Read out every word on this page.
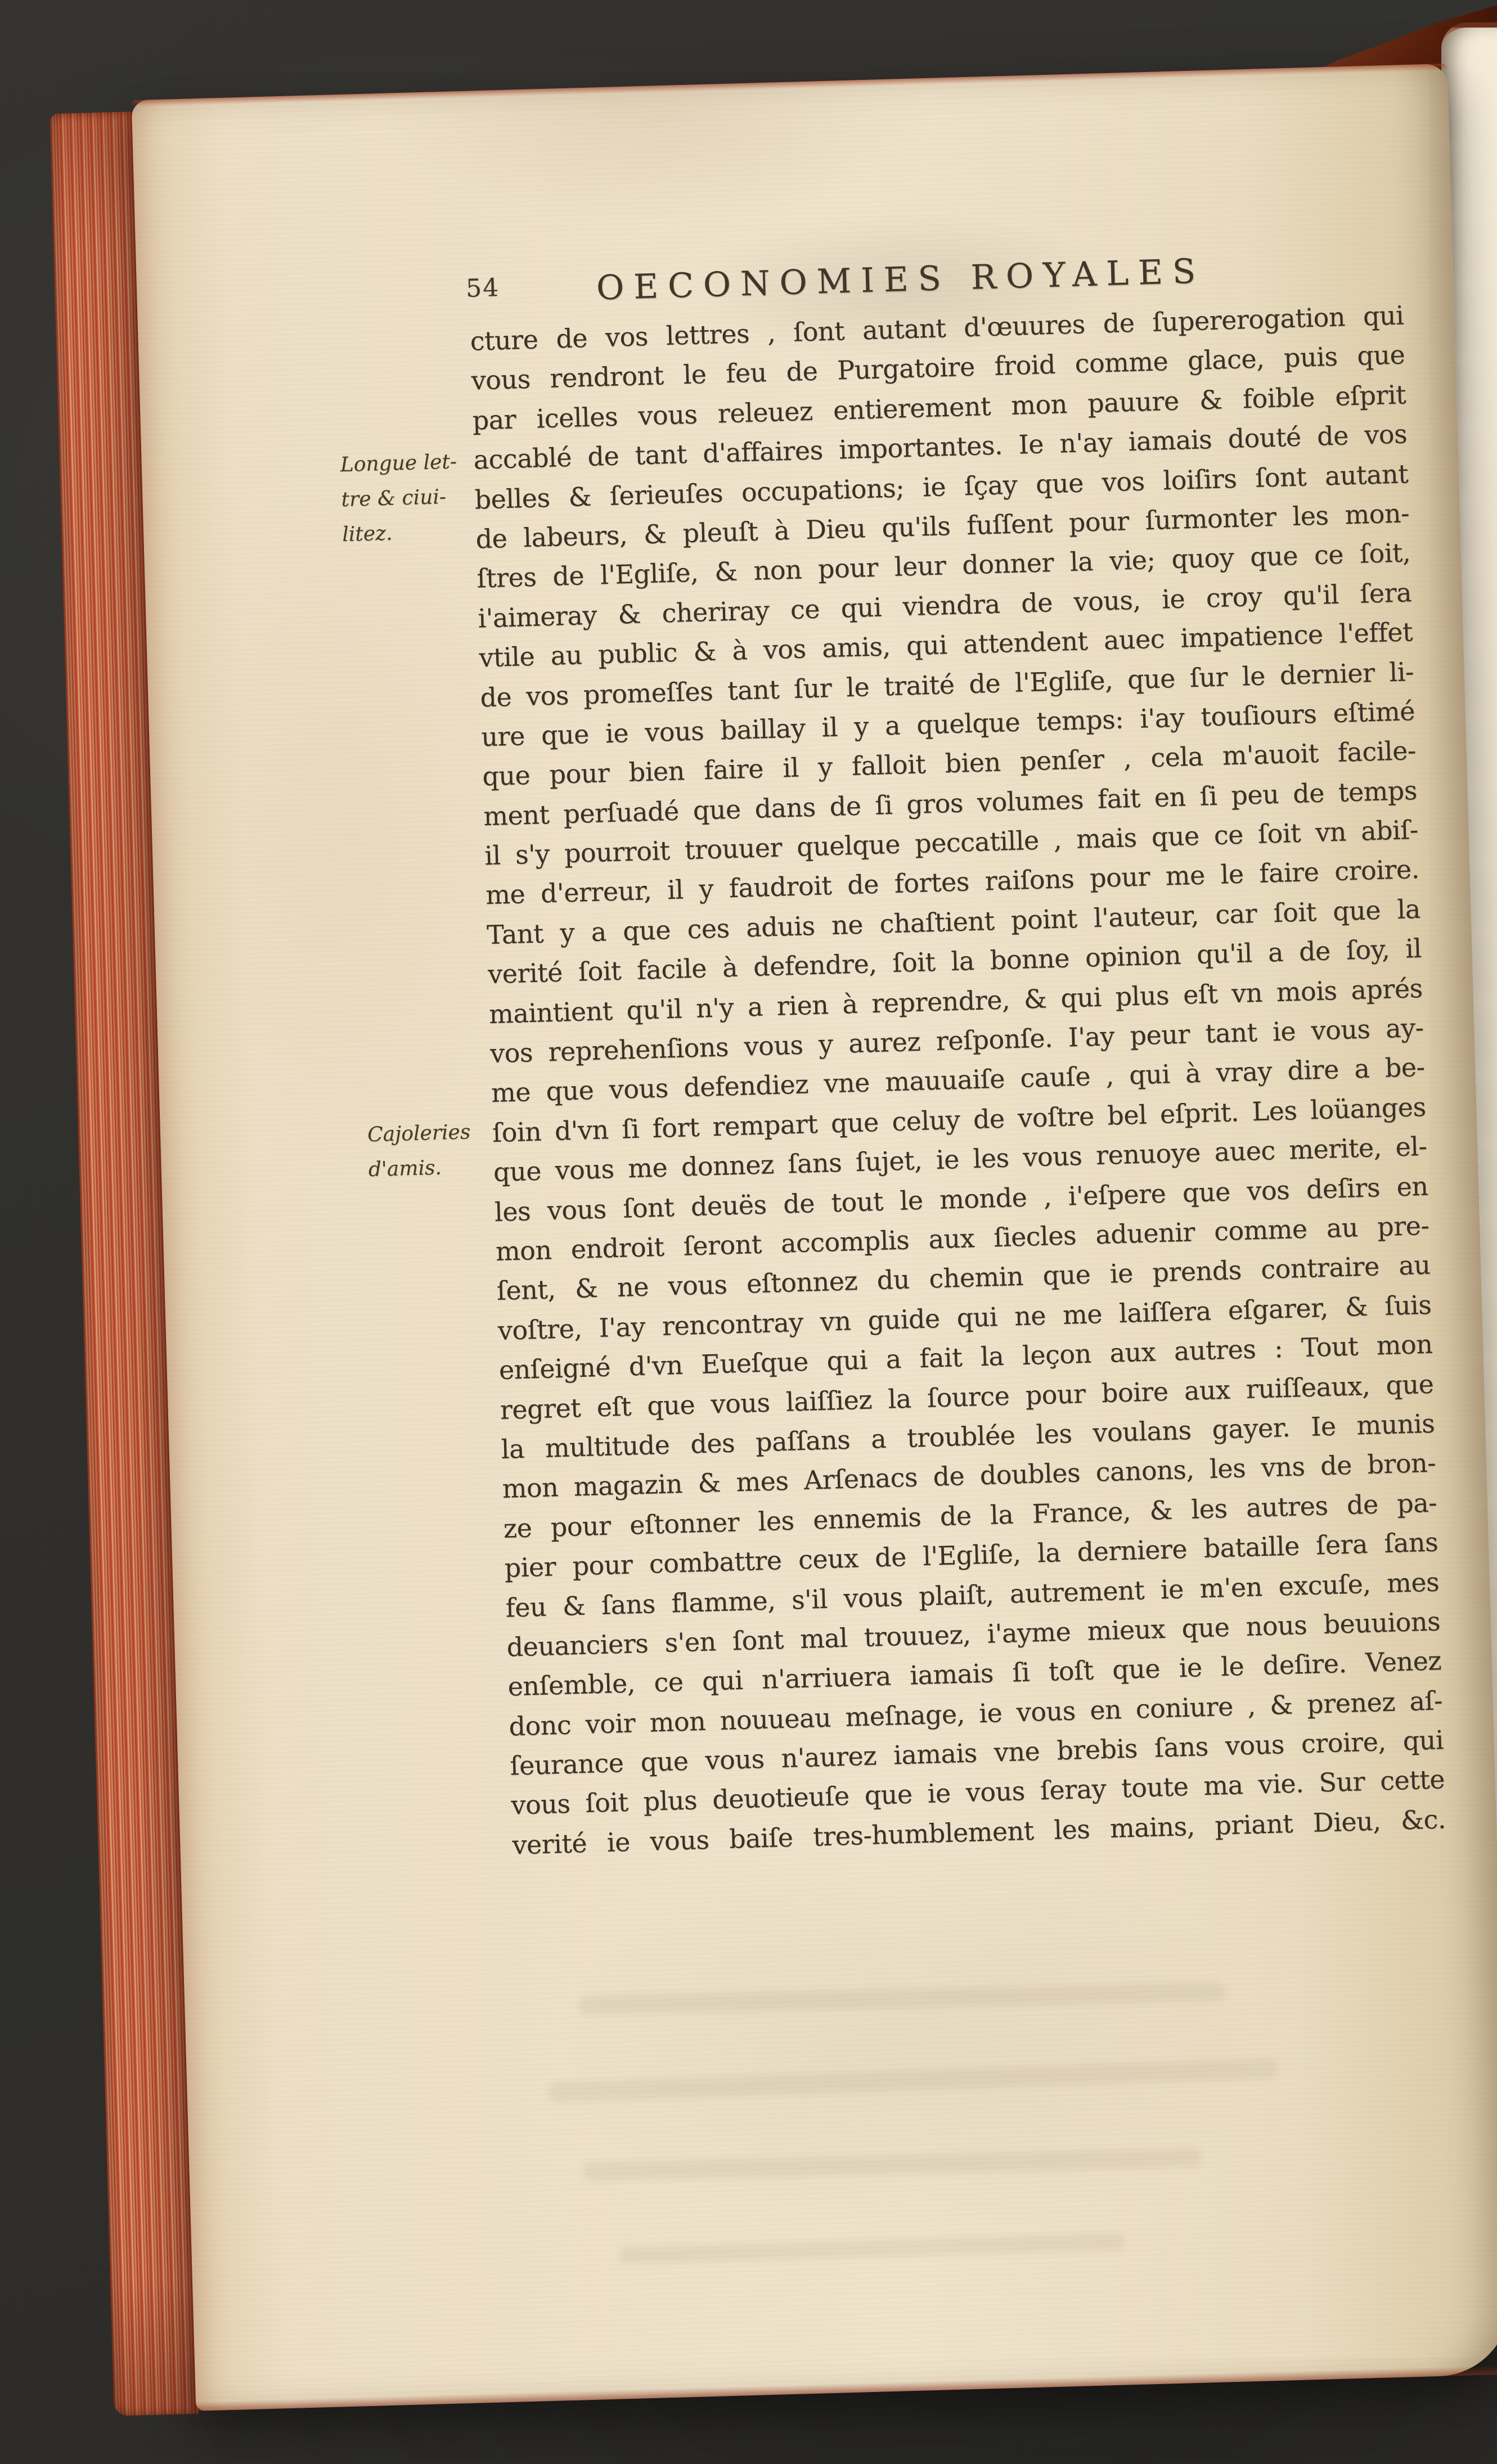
54	OECONOMIES ROYALES
Longue let-
tre & ciui-
litez.
Cajoleries
d'amis.
cture de vos lettres , ſont autant d'œuures de ſupererogation qui
vous rendront le feu de Purgatoire froid comme glace, puis que
par icelles vous releuez entierement mon pauure & foible eſprit
accablé de tant d'affaires importantes. Ie n'ay iamais douté de vos
belles & ſerieuſes occupations; ie ſçay que vos loiſirs ſont autant
de labeurs, & pleuſt à Dieu qu'ils fuſſent pour ſurmonter les mon-
ſtres de l'Egliſe, & non pour leur donner la vie; quoy que ce ſoit,
i'aimeray & cheriray ce qui viendra de vous, ie croy qu'il ſera
vtile au public & à vos amis, qui attendent auec impatience l'effet
de vos promeſſes tant ſur le traité de l'Egliſe, que ſur le dernier li-
ure que ie vous baillay il y a quelque temps: i'ay touſiours eſtimé
que pour bien faire il y falloit bien penſer , cela m'auoit facile-
ment perſuadé que dans de ſi gros volumes fait en ſi peu de temps
il s'y pourroit trouuer quelque peccatille , mais que ce ſoit vn abiſ-
me d'erreur, il y faudroit de fortes raiſons pour me le faire croire.
Tant y a que ces aduis ne chaſtient point l'auteur, car ſoit que la
verité ſoit facile à defendre, ſoit la bonne opinion qu'il a de ſoy, il
maintient qu'il n'y a rien à reprendre, & qui plus eſt vn mois aprés
vos reprehenſions vous y aurez reſponſe. I'ay peur tant ie vous ay-
me que vous defendiez vne mauuaiſe cauſe , qui à vray dire a be-
ſoin d'vn ſi fort rempart que celuy de voſtre bel eſprit. Les loüanges
que vous me donnez ſans ſujet, ie les vous renuoye auec merite, el-
les vous ſont deuës de tout le monde , i'eſpere que vos deſirs en
mon endroit ſeront accomplis aux ſiecles aduenir comme au pre-
ſent, & ne vous eſtonnez du chemin que ie prends contraire au
voſtre, I'ay rencontray vn guide qui ne me laiſſera eſgarer, & ſuis
enſeigné d'vn Eueſque qui a fait la leçon aux autres : Tout mon
regret eſt que vous laiſſiez la ſource pour boire aux ruiſſeaux, que
la multitude des paſſans a troublée les voulans gayer. Ie munis
mon magazin & mes Arſenacs de doubles canons, les vns de bron-
ze pour eſtonner les ennemis de la France, & les autres de pa-
pier pour combattre ceux de l'Egliſe, la derniere bataille ſera ſans
feu & ſans flamme, s'il vous plaiſt, autrement ie m'en excuſe, mes
deuanciers s'en ſont mal trouuez, i'ayme mieux que nous beuuions
enſemble, ce qui n'arriuera iamais ſi toſt que ie le deſire. Venez
donc voir mon nouueau meſnage, ie vous en coniure , & prenez aſ-
ſeurance que vous n'aurez iamais vne brebis ſans vous croire, qui
vous ſoit plus deuotieuſe que ie vous ſeray toute ma vie. Sur cette
verité ie vous baiſe tres-humblement les mains, priant Dieu, &c.
